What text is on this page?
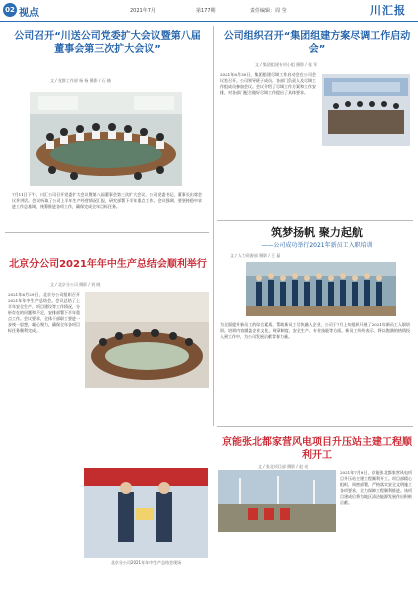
02 视点	2021年7月	第177期	责任编辑：周 莹	川汇报
公司召开“川送公司党委扩大会议暨第八届董事会第三次扩大会议”
文 / 党群工作部 杨 杨 摄影 / 石 楠
7月11日下午，川汇公司召开党委扩大会议暨第八届董事会第三次扩大会议，公司党委书记、董事长出席会议并讲话。会议听取了公司上半年生产经营情况汇报，研究部署下半年重点工作。会议强调，要坚持稳中求进工作总基调，统筹推进各项工作，确保完成全年目标任务。
公司组织召开“集团组建方案尽调工作启动会”
文 / 集团组建专项小组 摄影 / 张 军
2021年6月30日，集团组建尽调工作启动会在公司会议室召开。公司领导班子成员、各部门负责人及尽调工作组成员参加会议。会议介绍了尽调工作方案和工作安排，对各部门配合做好尽调工作提出了具体要求。
筑梦扬帆 聚力起航
——公司成功举行2021年新员工入职培训
文 / 人力资源部 摄影 / 王 磊
为全面提升新员工的综合素质，帮助新员工尽快融入企业，公司于7月上旬组织开展了2021年新员工入职培训。培训内容涵盖企业文化、规章制度、安全生产、专业技能等方面。新员工纷纷表示，将以饱满的热情投入到工作中，为公司发展贡献青春力量。
北京分公司2021年年中生产总结会顺利举行
文 / 北京分公司 摄影 / 刘 晓
2021年6月29日，北京分公司组织召开2021年年中生产总结会。会议总结了上半年安全生产、项目建设等工作情况，分析存在的问题和不足，安排部署下半年重点工作。会议要求，全体干部职工要进一步统一思想，凝心聚力，确保全年各项目标任务顺利完成。
北京分公司2021年年中生产总结会现场
京能张北都家营风电项目升压站主建工程顺利开工
文 / 张北项目部 摄影 / 赵 亮
2021年7月8日，京能张北都家营风电项目升压站主建工程顺利开工。项目部精心组织，周密部署，严格落实安全文明施工各项要求，全力保障工程顺利推进。该项目建成后将为地区清洁能源发展作出积极贡献。
